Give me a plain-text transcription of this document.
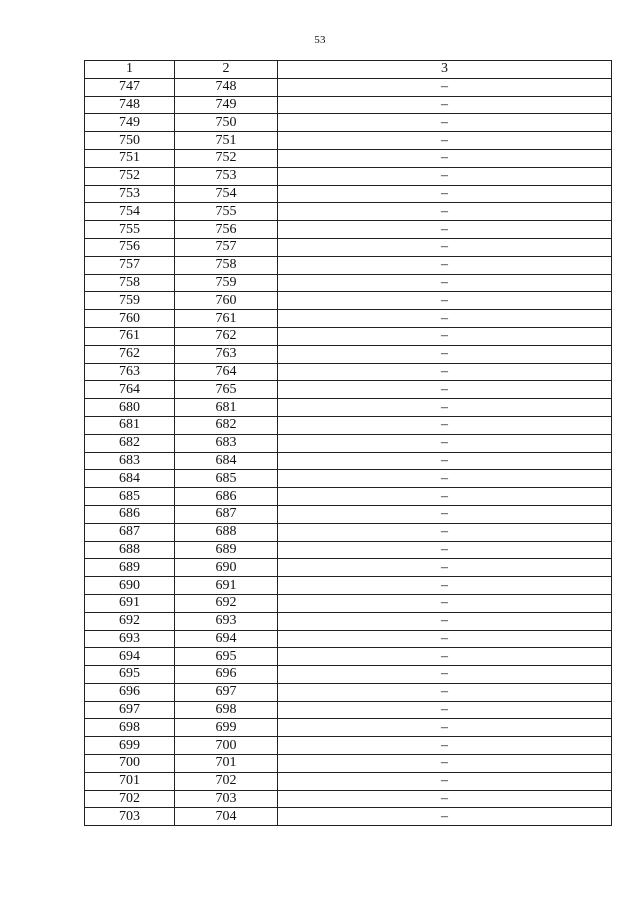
53
1	2	3
747	748	–
748	749	–
749	750	–
750	751	–
751	752	–
752	753	–
753	754	–
754	755	–
755	756	–
756	757	–
757	758	–
758	759	–
759	760	–
760	761	–
761	762	–
762	763	–
763	764	–
764	765	–
680	681	–
681	682	–
682	683	–
683	684	–
684	685	–
685	686	–
686	687	–
687	688	–
688	689	–
689	690	–
690	691	–
691	692	–
692	693	–
693	694	–
694	695	–
695	696	–
696	697	–
697	698	–
698	699	–
699	700	–
700	701	–
701	702	–
702	703	–
703	704	–
